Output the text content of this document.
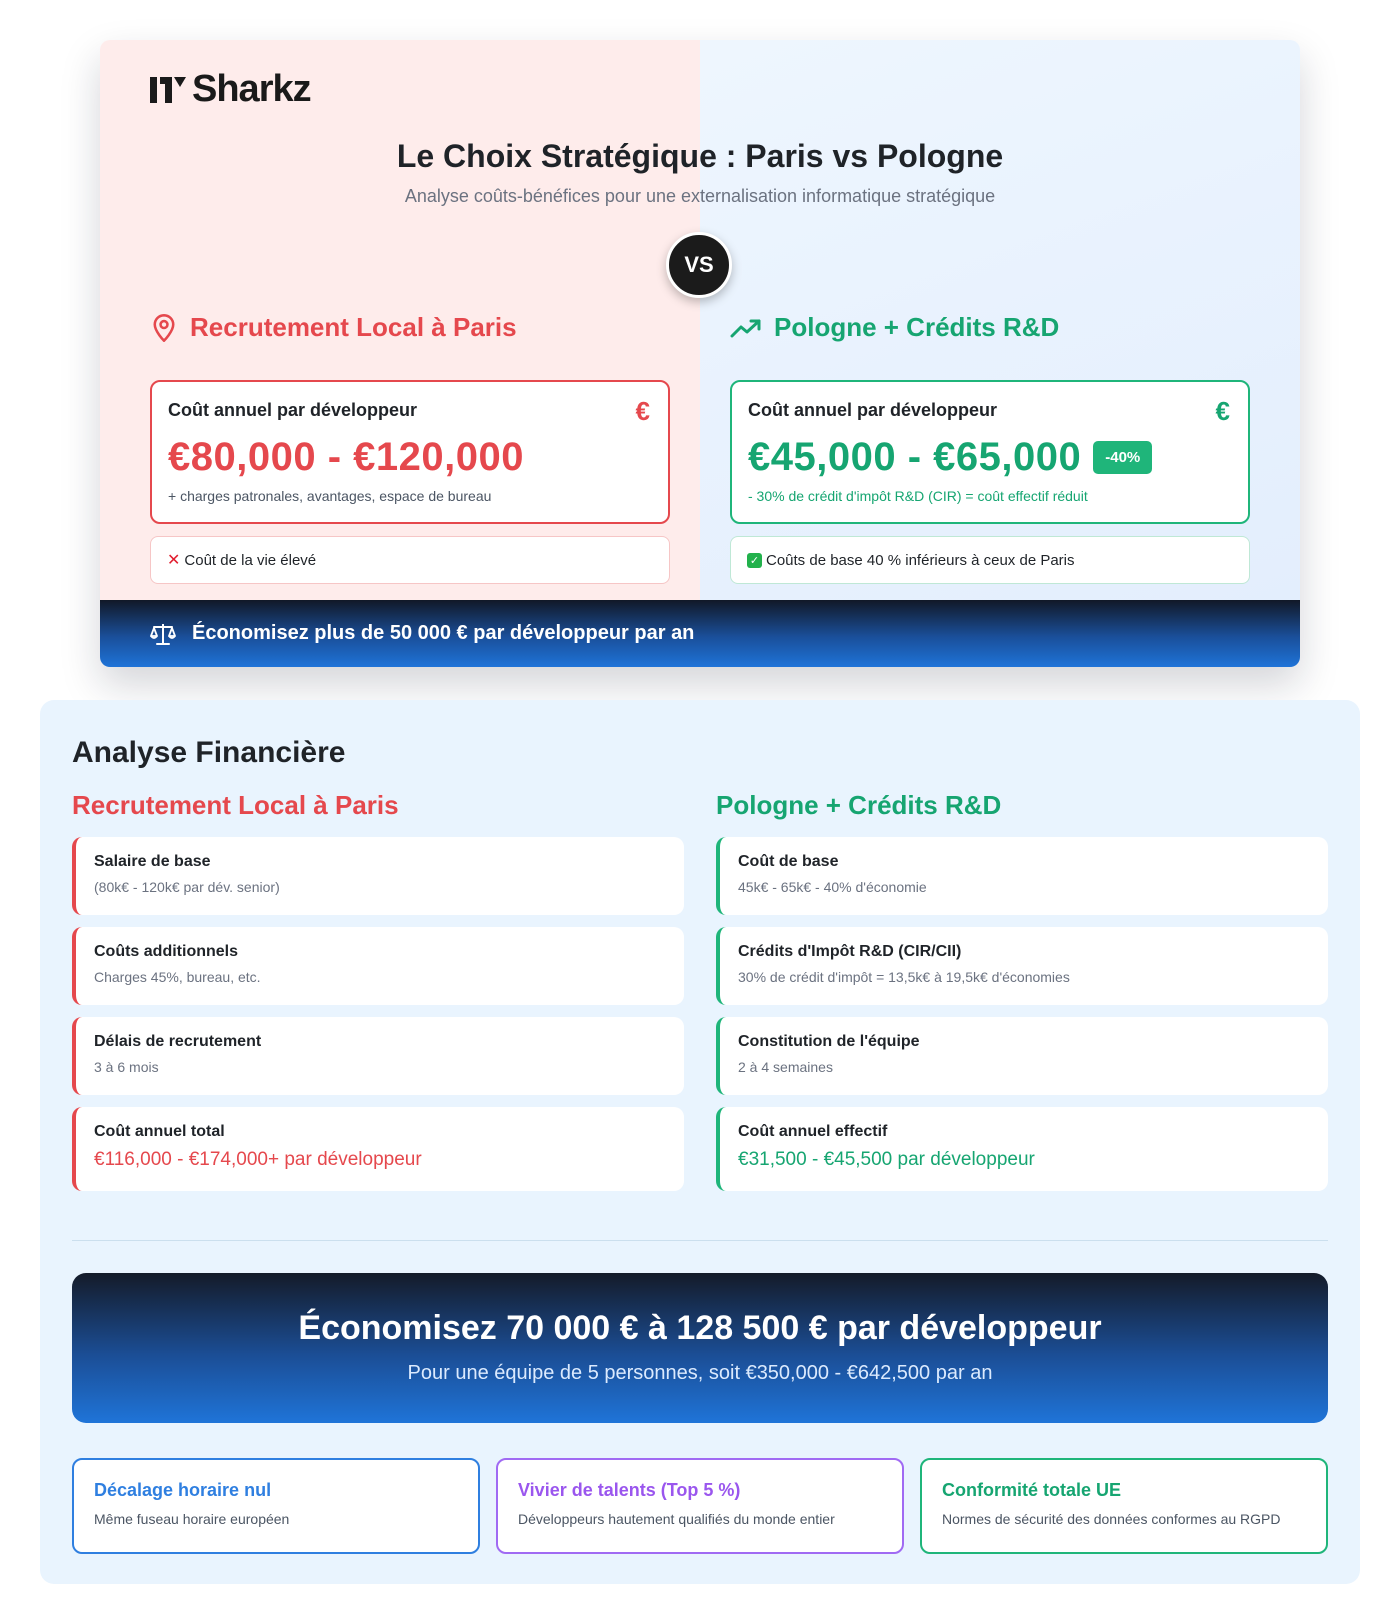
Sharkz
Le Choix Stratégique : Paris vs Pologne
Analyse coûts-bénéfices pour une externalisation informatique stratégique
VS
Recrutement Local à Paris	Pologne + Crédits R&D
Coût annuel par développeur	€
€80,000 - €120,000
+ charges patronales, avantages, espace de bureau
Coût annuel par développeur	€
€45,000 - €65,000	-40%
- 30% de crédit d'impôt R&D (CIR) = coût effectif réduit
✕ Coût de la vie élevé	✓ Coûts de base 40 % inférieurs à ceux de Paris
Économisez plus de 50 000 € par développeur par an
Analyse Financière
Recrutement Local à Paris	Pologne + Crédits R&D
Salaire de base
(80k€ - 120k€ par dév. senior)
Coûts additionnels
Charges 45%, bureau, etc.
Délais de recrutement
3 à 6 mois
Coût annuel total
€116,000 - €174,000+ par développeur
Coût de base
45k€ - 65k€ - 40% d'économie
Crédits d'Impôt R&D (CIR/CII)
30% de crédit d'impôt = 13,5k€ à 19,5k€ d'économies
Constitution de l'équipe
2 à 4 semaines
Coût annuel effectif
€31,500 - €45,500 par développeur
Économisez 70 000 € à 128 500 € par développeur
Pour une équipe de 5 personnes, soit €350,000 - €642,500 par an
Décalage horaire nul
Même fuseau horaire européen
Vivier de talents (Top 5 %)
Développeurs hautement qualifiés du monde entier
Conformité totale UE
Normes de sécurité des données conformes au RGPD
